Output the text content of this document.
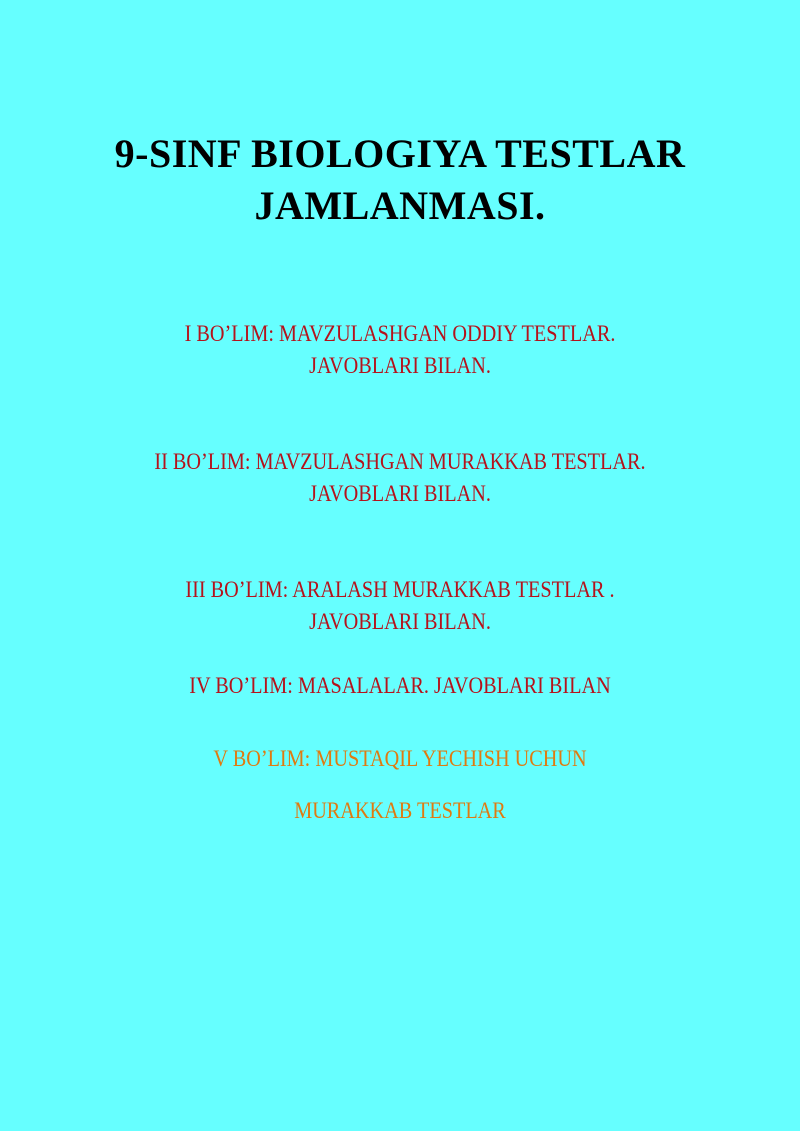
9-SINF BIOLOGIYA TESTLAR
JAMLANMASI.
I BO’LIM: MAVZULASHGAN ODDIY TESTLAR.
JAVOBLARI BILAN.
II BO’LIM: MAVZULASHGAN MURAKKAB TESTLAR.
JAVOBLARI BILAN.
III BO’LIM: ARALASH MURAKKAB TESTLAR .
JAVOBLARI BILAN.
IV BO’LIM: MASALALAR. JAVOBLARI BILAN
V BO’LIM: MUSTAQIL YECHISH UCHUN
MURAKKAB TESTLAR
